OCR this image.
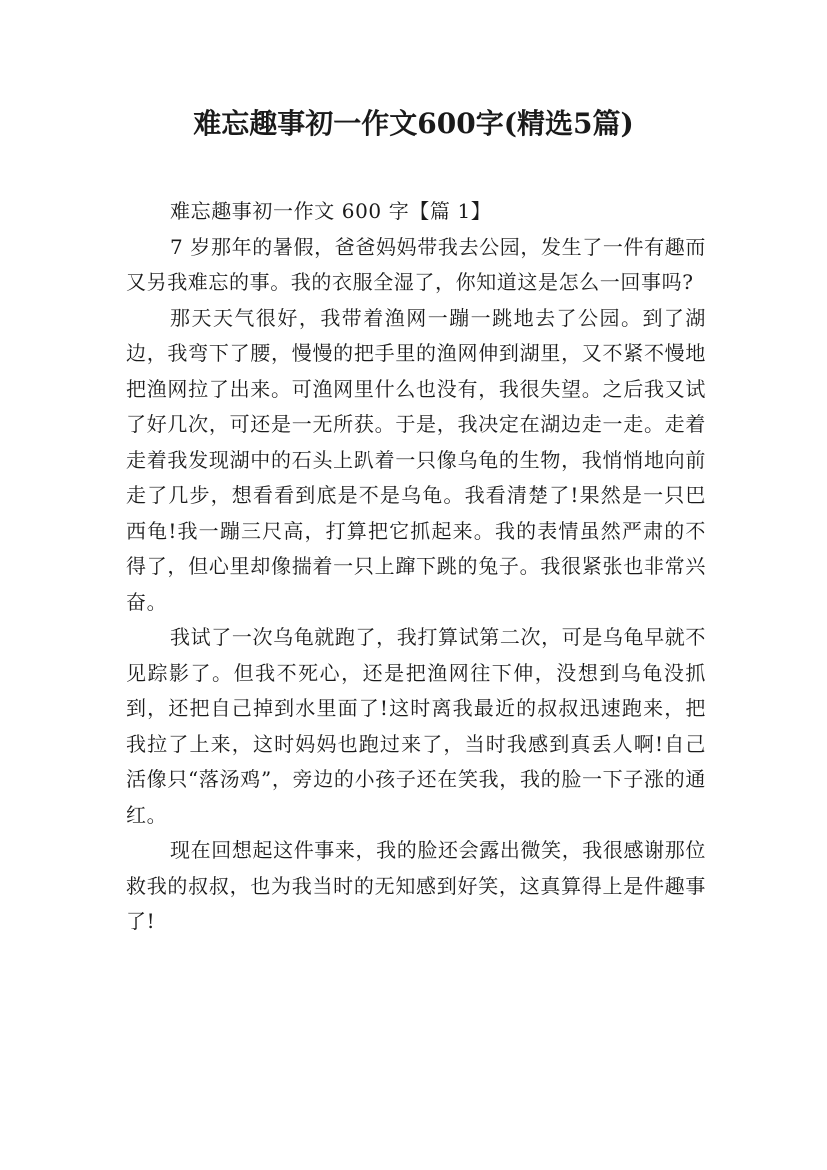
难忘趣事初一作文600字(精选5篇)
难忘趣事初一作文 600 字【篇 1】

7 岁那年的暑假，爸爸妈妈带我去公园，发生了一件有趣而又另我难忘的事。我的衣服全湿了，你知道这是怎么一回事吗?

那天天气很好，我带着渔网一蹦一跳地去了公园。到了湖边，我弯下了腰，慢慢的把手里的渔网伸到湖里，又不紧不慢地把渔网拉了出来。可渔网里什么也没有，我很失望。之后我又试了好几次，可还是一无所获。于是，我决定在湖边走一走。走着走着我发现湖中的石头上趴着一只像乌龟的生物，我悄悄地向前走了几步，想看看到底是不是乌龟。我看清楚了!果然是一只巴西龟!我一蹦三尺高，打算把它抓起来。我的表情虽然严肃的不得了，但心里却像揣着一只上蹿下跳的兔子。我很紧张也非常兴奋。

我试了一次乌龟就跑了，我打算试第二次，可是乌龟早就不见踪影了。但我不死心，还是把渔网往下伸，没想到乌龟没抓到，还把自己掉到水里面了!这时离我最近的叔叔迅速跑来，把我拉了上来，这时妈妈也跑过来了，当时我感到真丢人啊!自己活像只“落汤鸡”，旁边的小孩子还在笑我，我的脸一下子涨的通红。

现在回想起这件事来，我的脸还会露出微笑，我很感谢那位救我的叔叔，也为我当时的无知感到好笑，这真算得上是件趣事了!
